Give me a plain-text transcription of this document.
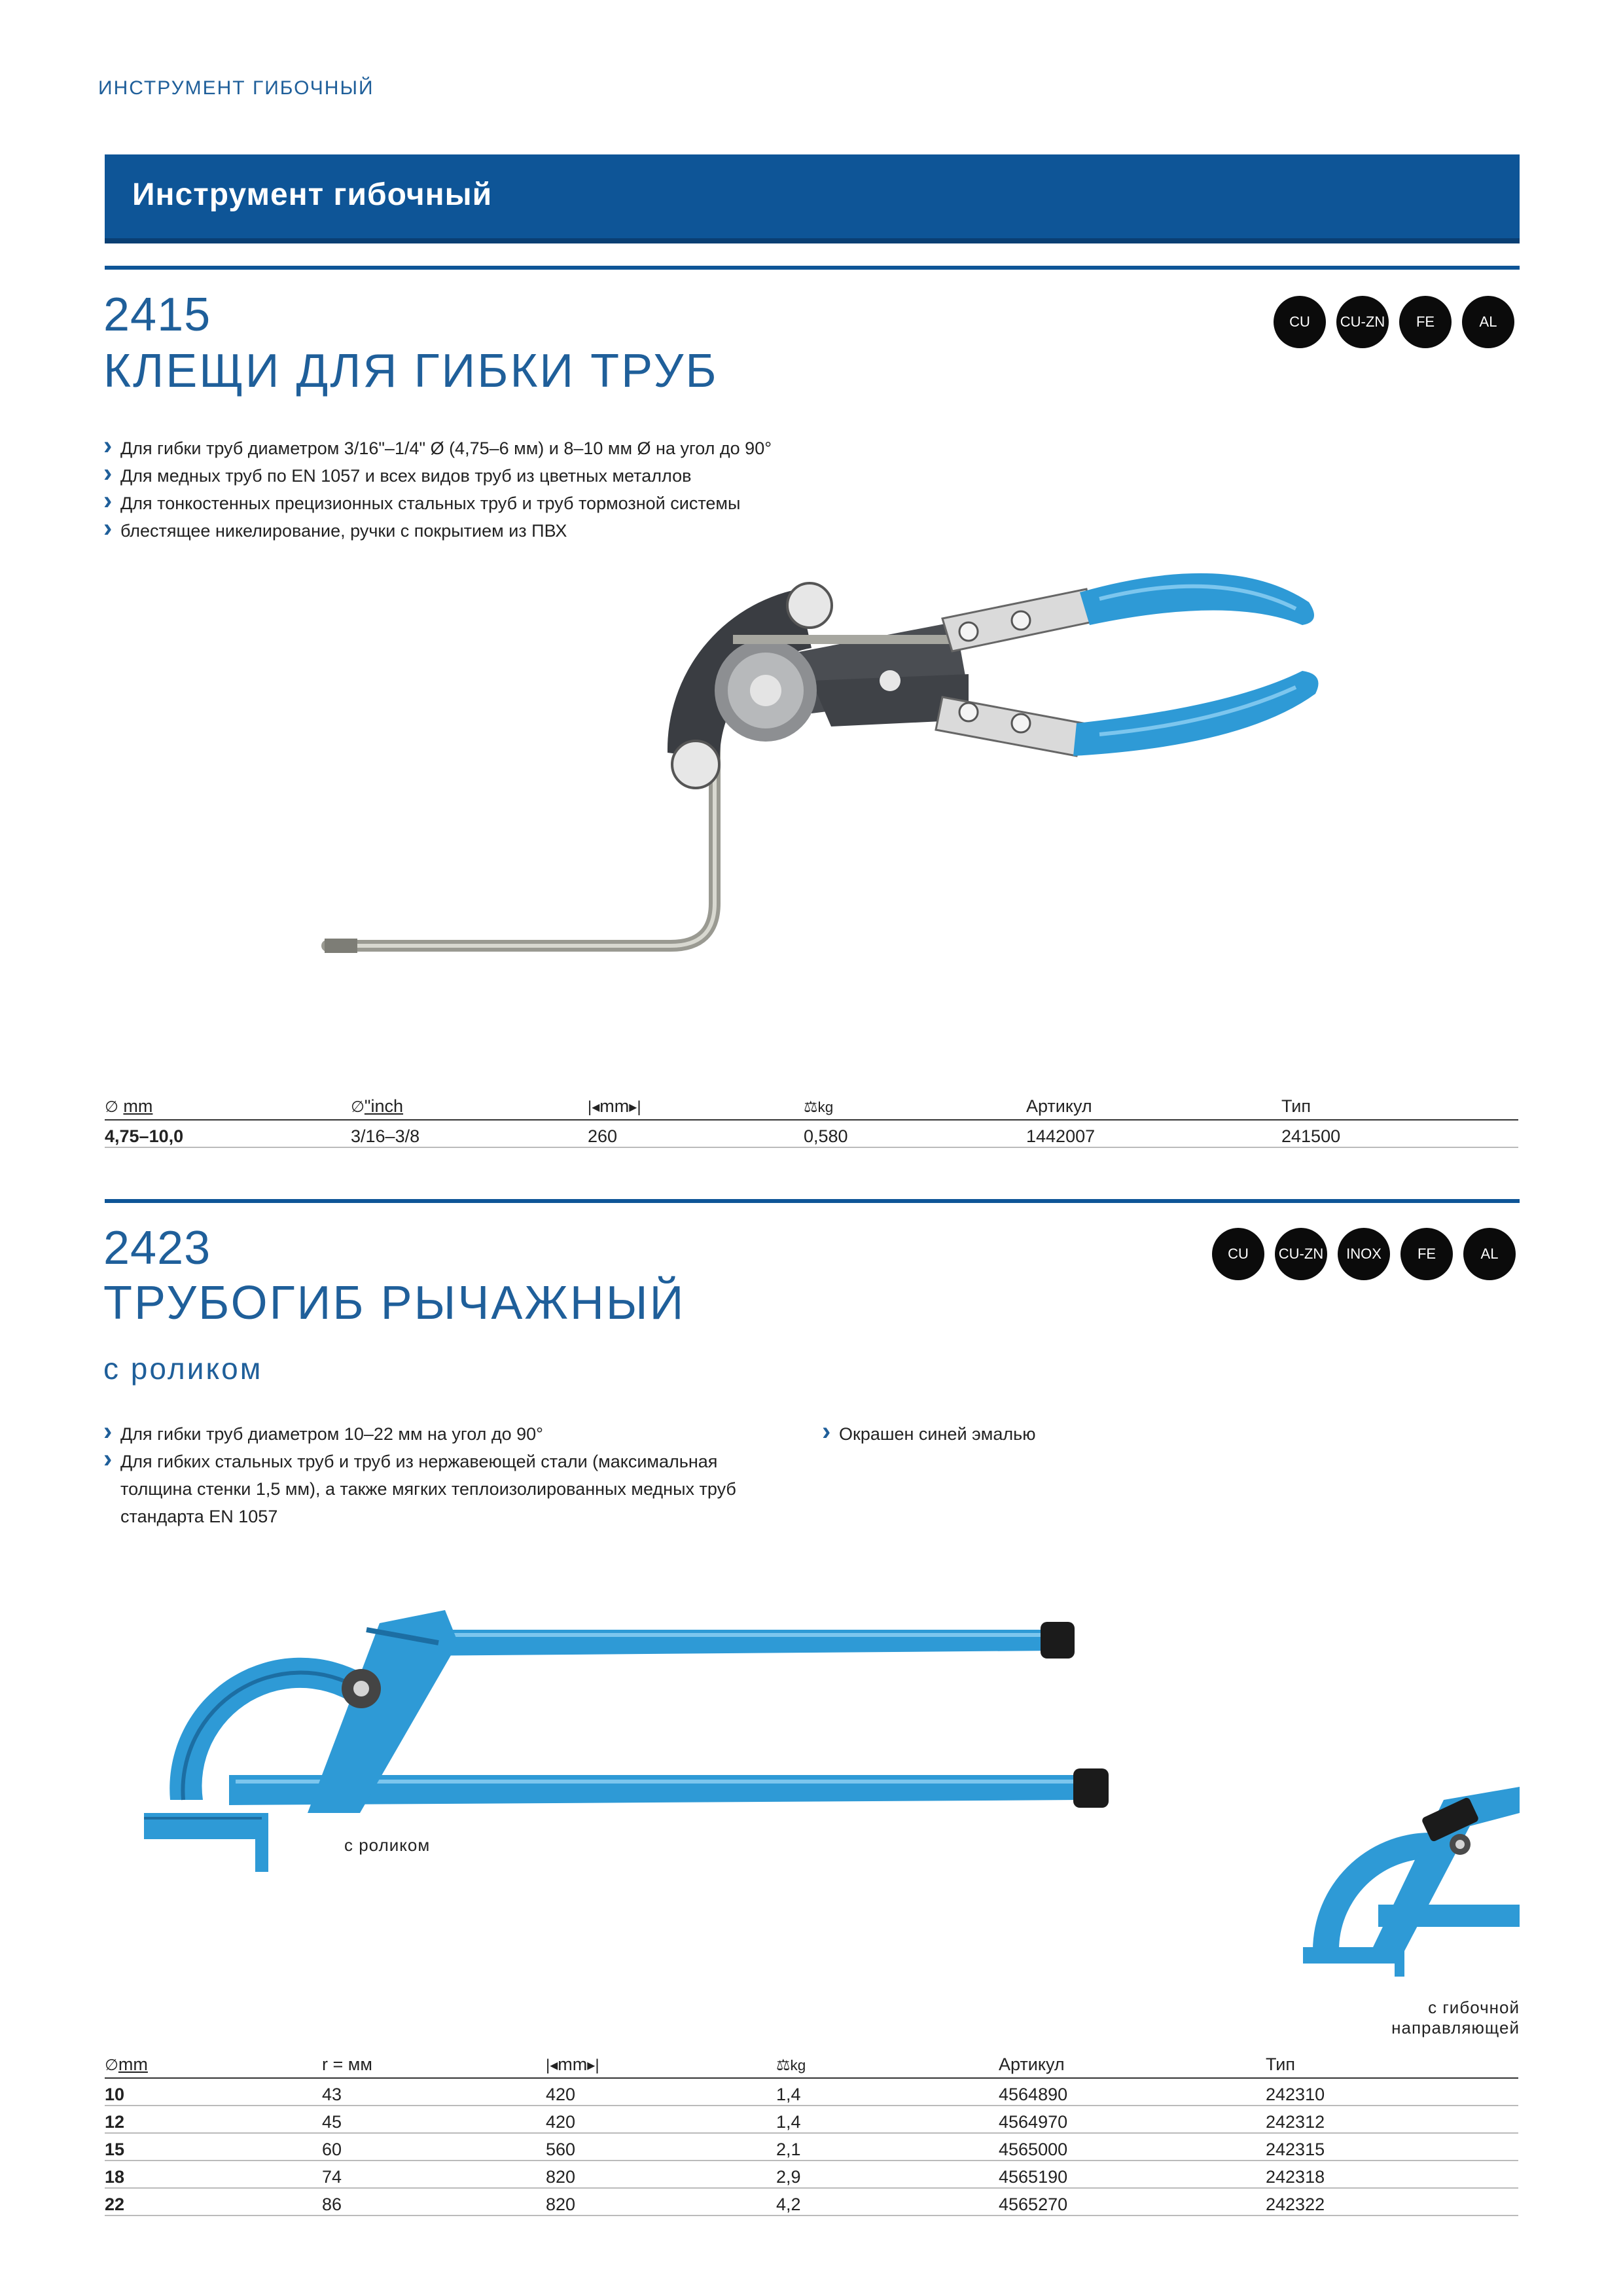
ИНСТРУМЕНТ ГИБОЧНЫЙ
Инструмент гибочный
2415
КЛЕЩИ ДЛЯ ГИБКИ ТРУБ
CU	CU-ZN	FE	AL
› Для гибки труб диаметром 3/16"–1/4" Ø (4,75–6 мм) и 8–10 мм Ø на угол до 90°
› Для медных труб по EN 1057 и всех видов труб из цветных металлов
› Для тонкостенных прецизионных стальных труб и труб тормозной системы
› блестящее никелирование, ручки с покрытием из ПВХ
∅ mm	∅"inch	|◂mm▸|	⚖kg	Артикул	Тип
4,75–10,0	3/16–3/8	260	0,580	1442007	241500
2423
ТРУБОГИБ РЫЧАЖНЫЙ
с роликом
CU	CU-ZN	INOX	FE	AL
› Для гибки труб диаметром 10–22 мм на угол до 90°
› Для гибких стальных труб и труб из нержавеющей стали (максимальная толщина стенки 1,5 мм), а также мягких теплоизолированных медных труб стандарта EN 1057
› Окрашен синей эмалью
с роликом
с гибочной направляющей
∅mm	r = мм	|◂mm▸|	⚖kg	Артикул	Тип
10	43	420	1,4	4564890	242310
12	45	420	1,4	4564970	242312
15	60	560	2,1	4565000	242315
18	74	820	2,9	4565190	242318
22	86	820	4,2	4565270	242322
